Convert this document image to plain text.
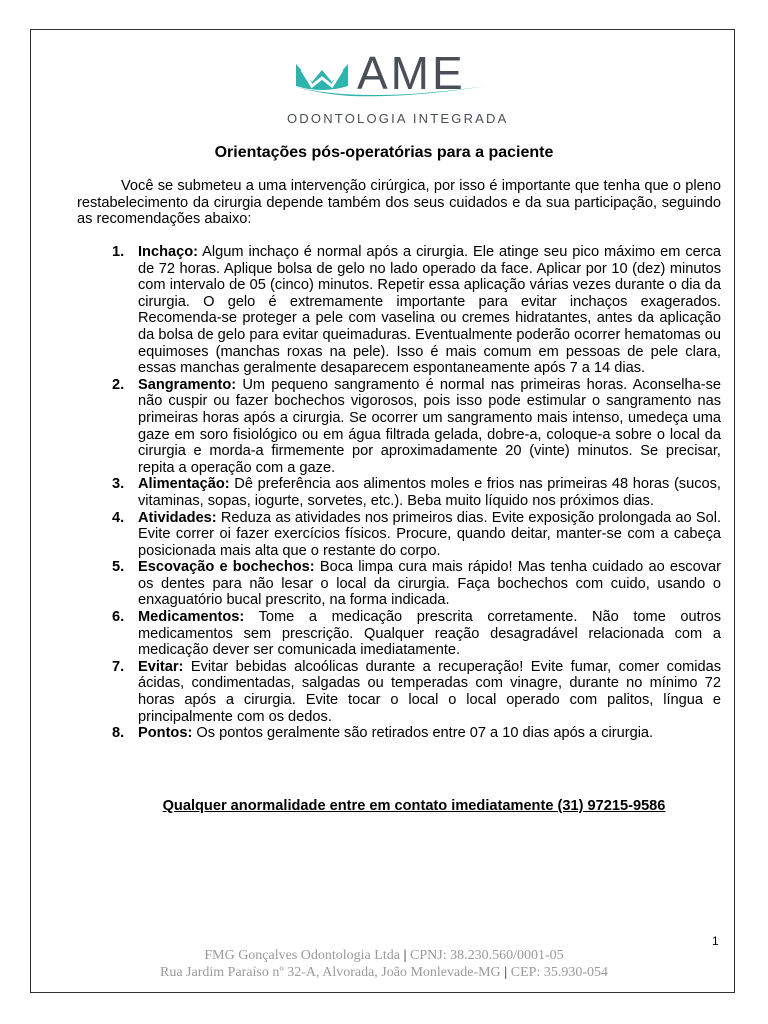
AME
ODONTOLOGIA INTEGRADA
Orientações pós-operatórias para a paciente

Você se submeteu a uma intervenção cirúrgica, por isso é importante que tenha que o pleno restabelecimento da cirurgia depende também dos seus cuidados e da sua participação, seguindo as recomendações abaixo:

1. Inchaço: Algum inchaço é normal após a cirurgia. Ele atinge seu pico máximo em cerca de 72 horas. Aplique bolsa de gelo no lado operado da face. Aplicar por 10 (dez) minutos com intervalo de 05 (cinco) minutos. Repetir essa aplicação várias vezes durante o dia da cirurgia. O gelo é extremamente importante para evitar inchaços exagerados. Recomenda-se proteger a pele com vaselina ou cremes hidratantes, antes da aplicação da bolsa de gelo para evitar queimaduras. Eventualmente poderão ocorrer hematomas ou equimoses (manchas roxas na pele). Isso é mais comum em pessoas de pele clara, essas manchas geralmente desaparecem espontaneamente após 7 a 14 dias.
2. Sangramento: Um pequeno sangramento é normal nas primeiras horas. Aconselha-se não cuspir ou fazer bochechos vigorosos, pois isso pode estimular o sangramento nas primeiras horas após a cirurgia. Se ocorrer um sangramento mais intenso, umedeça uma gaze em soro fisiológico ou em água filtrada gelada, dobre-a, coloque-a sobre o local da cirurgia e morda-a firmemente por aproximadamente 20 (vinte) minutos. Se precisar, repita a operação com a gaze.
3. Alimentação: Dê preferência aos alimentos moles e frios nas primeiras 48 horas (sucos, vitaminas, sopas, iogurte, sorvetes, etc.). Beba muito líquido nos próximos dias.
4. Atividades: Reduza as atividades nos primeiros dias. Evite exposição prolongada ao Sol. Evite correr oi fazer exercícios físicos. Procure, quando deitar, manter-se com a cabeça posicionada mais alta que o restante do corpo.
5. Escovação e bochechos: Boca limpa cura mais rápido! Mas tenha cuidado ao escovar os dentes para não lesar o local da cirurgia. Faça bochechos com cuido, usando o enxaguatório bucal prescrito, na forma indicada.
6. Medicamentos: Tome a medicação prescrita corretamente. Não tome outros medicamentos sem prescrição. Qualquer reação desagradável relacionada com a medicação dever ser comunicada imediatamente.
7. Evitar: Evitar bebidas alcoólicas durante a recuperação! Evite fumar, comer comidas ácidas, condimentadas, salgadas ou temperadas com vinagre, durante no mínimo 72 horas após a cirurgia. Evite tocar o local o local operado com palitos, língua e principalmente com os dedos.
8. Pontos: Os pontos geralmente são retirados entre 07 a 10 dias após a cirurgia.
Qualquer anormalidade entre em contato imediatamente (31) 97215-9586
1
FMG Gonçalves Odontologia Ltda | CPNJ: 38.230.560/0001-05
Rua Jardim Paraíso nº 32-A, Alvorada, João Monlevade-MG | CEP: 35.930-054
